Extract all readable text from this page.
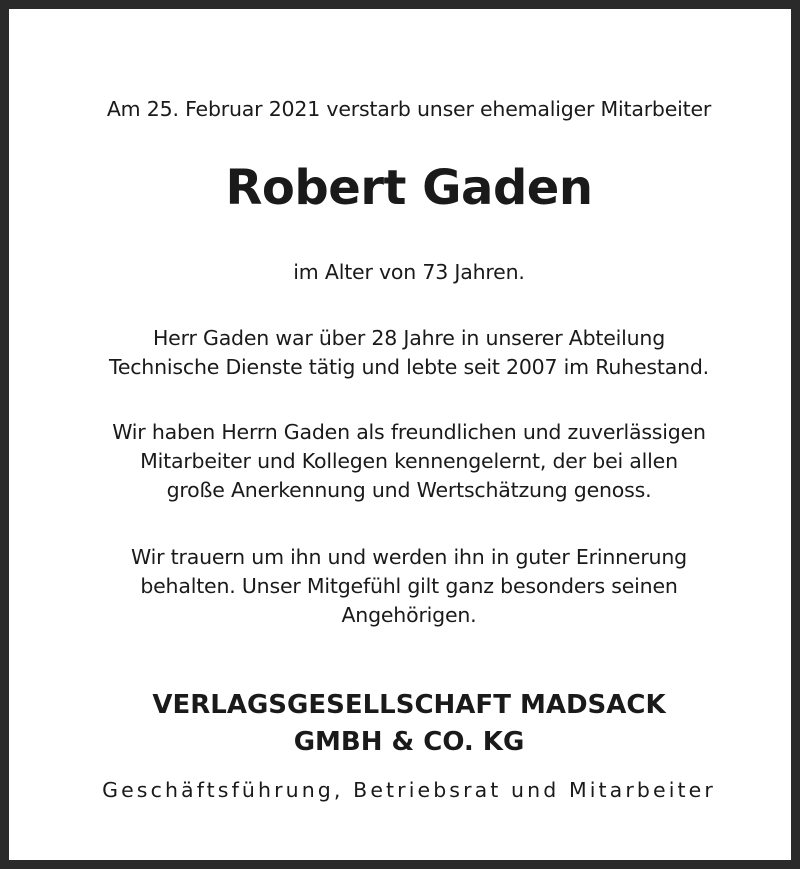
Am 25. Februar 2021 verstarb unser ehemaliger Mitarbeiter
Robert Gaden
im Alter von 73 Jahren.
Herr Gaden war über 28 Jahre in unserer Abteilung
Technische Dienste tätig und lebte seit 2007 im Ruhestand.
Wir haben Herrn Gaden als freundlichen und zuverlässigen
Mitarbeiter und Kollegen kennengelernt, der bei allen
große Anerkennung und Wertschätzung genoss.
Wir trauern um ihn und werden ihn in guter Erinnerung
behalten. Unser Mitgefühl gilt ganz besonders seinen
Angehörigen.
VERLAGSGESELLSCHAFT MADSACK
GMBH & CO. KG
Geschäftsführung, Betriebsrat und Mitarbeiter
